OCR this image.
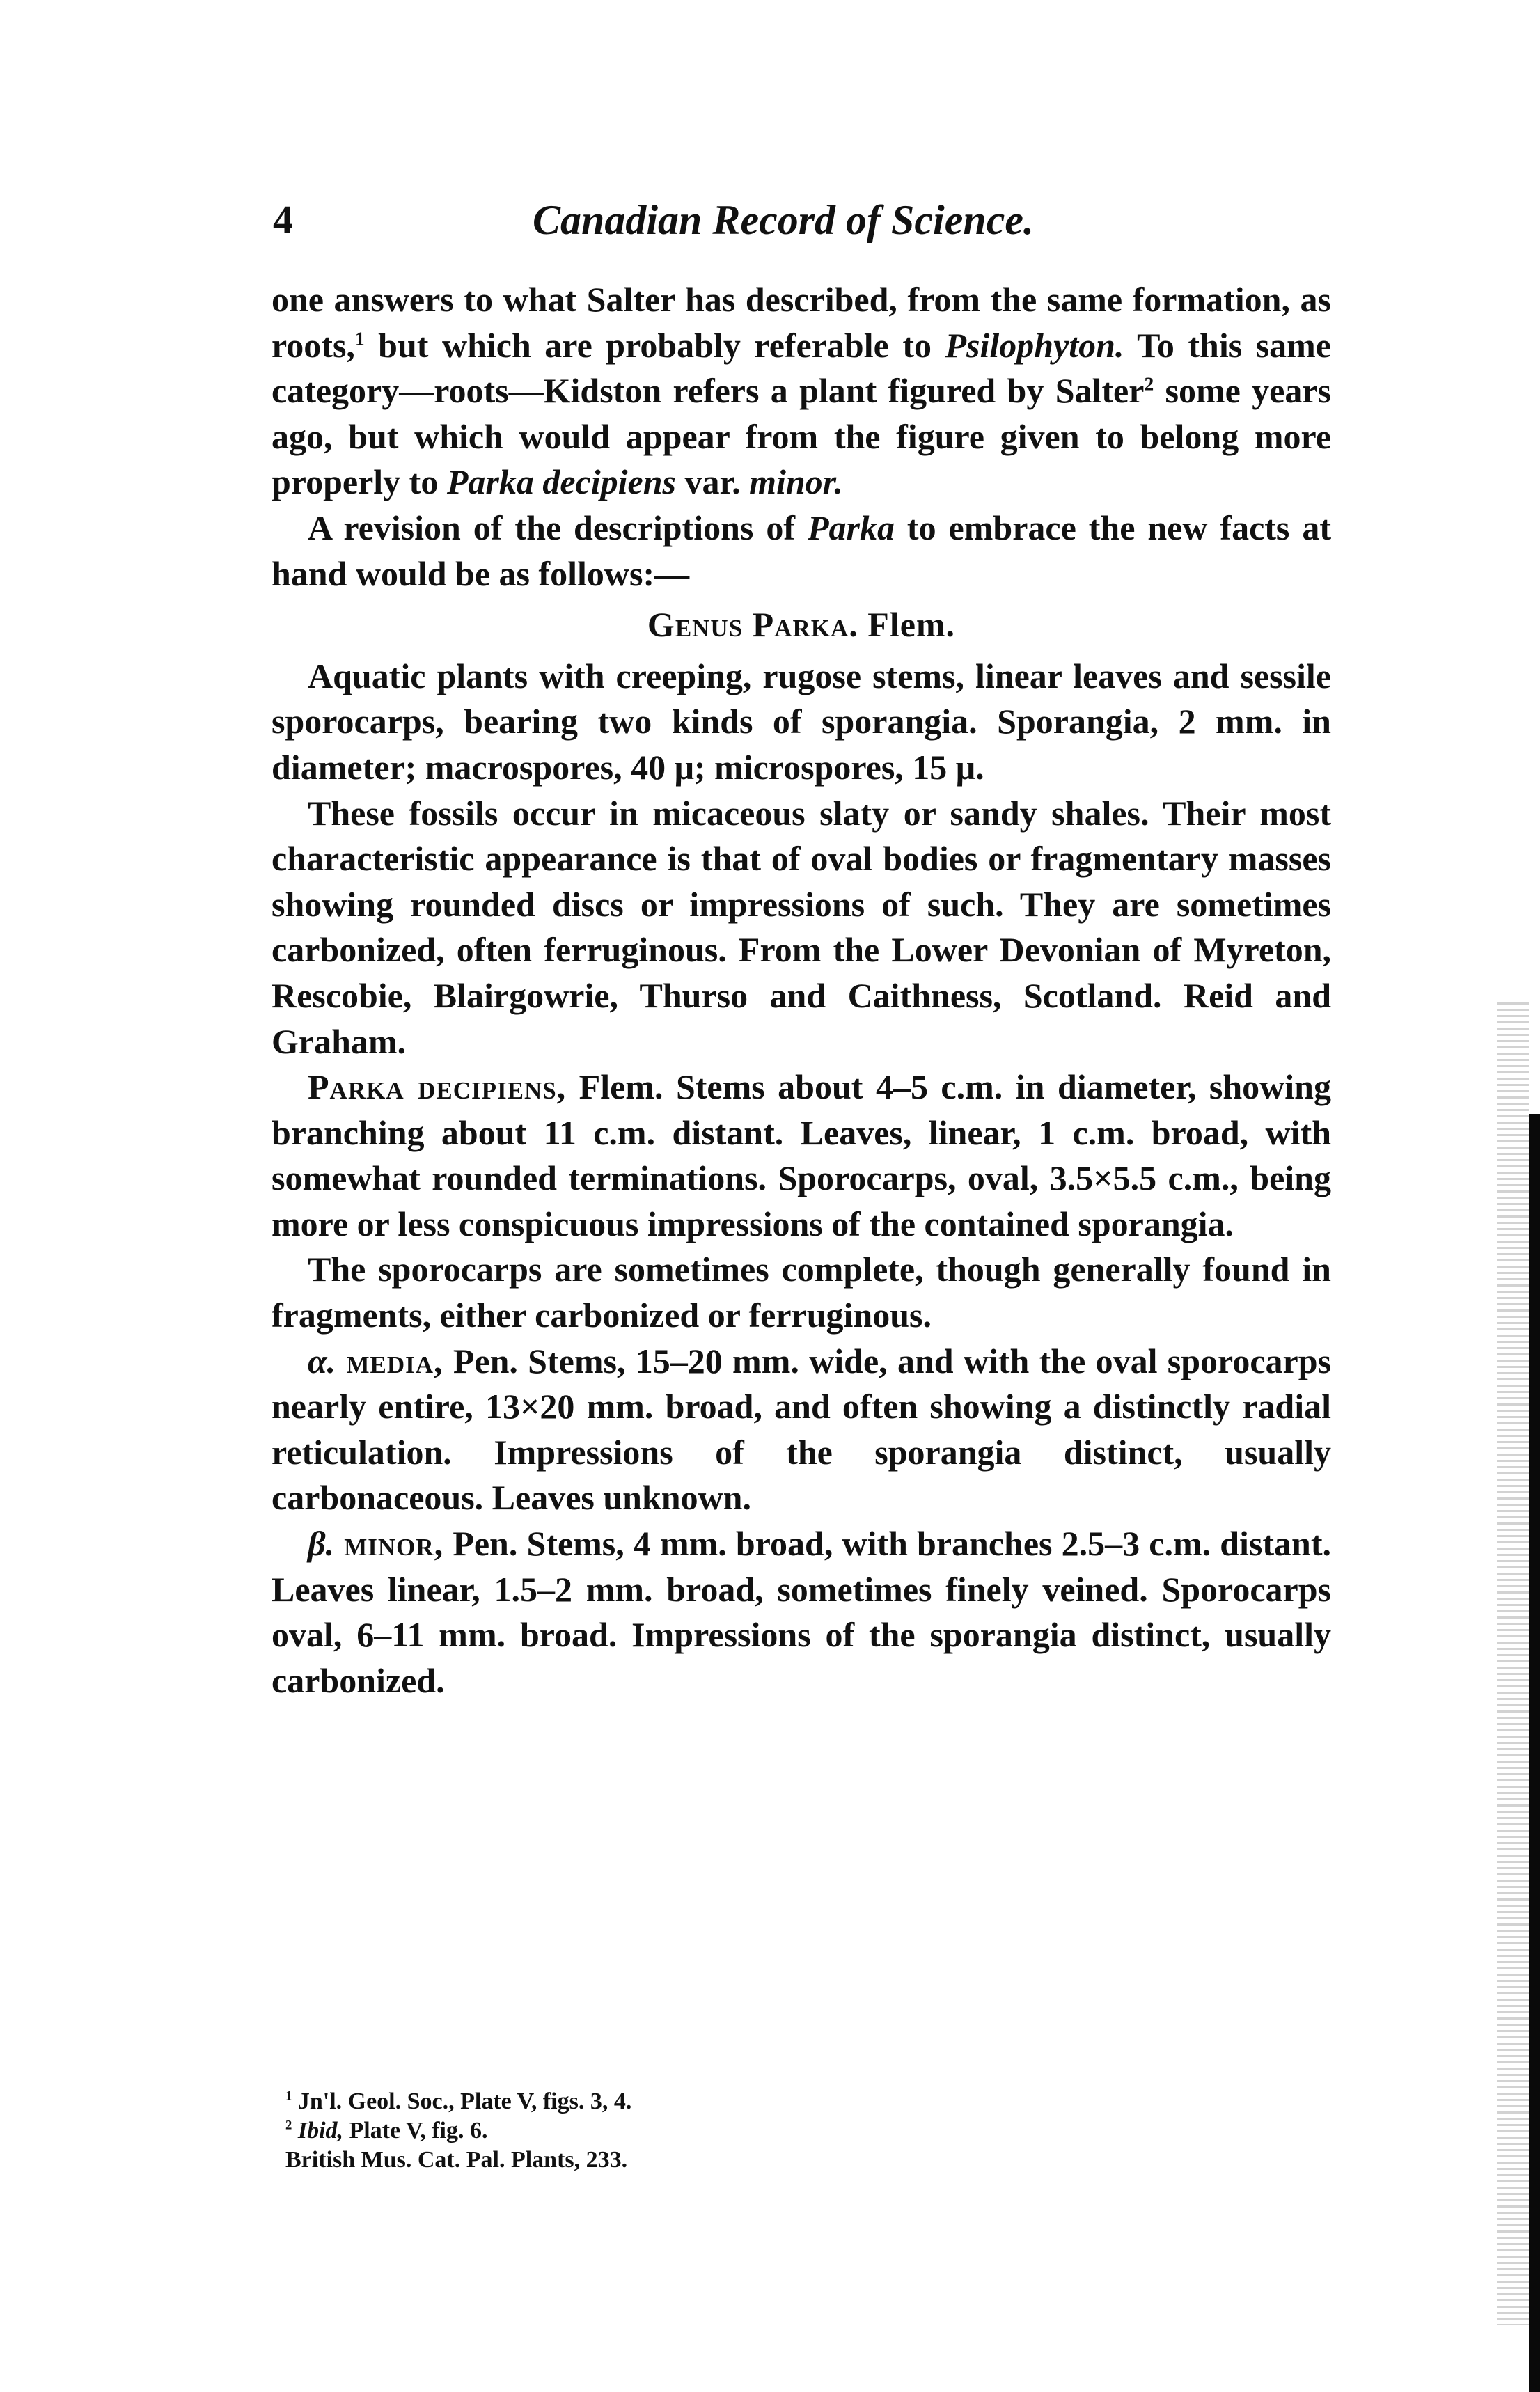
4	Canadian Record of Science.

one answers to what Salter has described, from the same formation, as roots,$^1$ but which are probably referable to Psilophyton. To this same category—roots—Kidston refers a plant figured by Salter$^2$ some years ago, but which would appear from the figure given to belong more properly to Parka decipiens var. minor.

A revision of the descriptions of Parka to embrace the new facts at hand would be as follows:—

Genus Parka. Flem.

Aquatic plants with creeping, rugose stems, linear leaves and sessile sporocarps, bearing two kinds of sporangia. Sporangia, 2 mm. in diameter; macrospores, 40 μ; microspores, 15 μ.

These fossils occur in micaceous slaty or sandy shales. Their most characteristic appearance is that of oval bodies or fragmentary masses showing rounded discs or impressions of such. They are sometimes carbonized, often ferruginous. From the Lower Devonian of Myreton, Rescobie, Blairgowrie, Thurso and Caithness, Scotland. Reid and Graham.

Parka decipiens, Flem. Stems about 4–5 c.m. in diameter, showing branching about 11 c.m. distant. Leaves, linear, 1 c.m. broad, with somewhat rounded terminations. Sporocarps, oval, 3.5×5.5 c.m., being more or less conspicuous impressions of the contained sporangia.

The sporocarps are sometimes complete, though generally found in fragments, either carbonized or ferruginous.

α. media, Pen. Stems, 15–20 mm. wide, and with the oval sporocarps nearly entire, 13×20 mm. broad, and often showing a distinctly radial reticulation. Impressions of the sporangia distinct, usually carbonaceous. Leaves unknown.

β. minor, Pen. Stems, 4 mm. broad, with branches 2.5–3 c.m. distant. Leaves linear, 1.5–2 mm. broad, sometimes finely veined. Sporocarps oval, 6–11 mm. broad. Impressions of the sporangia distinct, usually carbonized.

$^1$ Jn'l. Geol. Soc., Plate V, figs. 3, 4.
$^2$ Ibid, Plate V, fig. 6.
British Mus. Cat. Pal. Plants, 233.
